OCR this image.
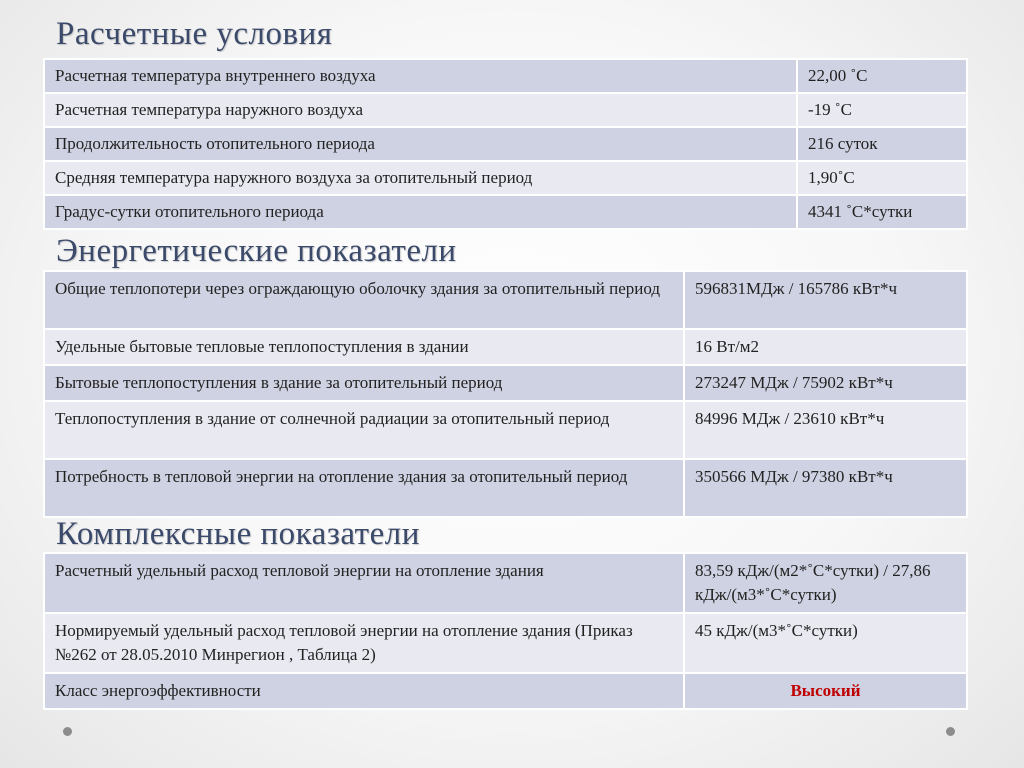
Расчетные условия
Расчетная температура внутреннего воздуха	22,00 ˚С
Расчетная температура наружного воздуха	-19 ˚С
Продолжительность отопительного периода	216 суток
Средняя температура наружного воздуха за отопительный период	1,90˚С
Градус-сутки отопительного периода	4341 ˚С*сутки
Энергетические показатели
Общие теплопотери через ограждающую оболочку здания за отопительный период	596831МДж / 165786 кВт*ч
Удельные бытовые тепловые теплопоступления в здании	16 Вт/м2
Бытовые теплопоступления в здание за отопительный период	273247 МДж / 75902 кВт*ч
Теплопоступления в здание от солнечной радиации за отопительный период	84996 МДж / 23610 кВт*ч
Потребность в тепловой энергии на отопление здания за отопительный период	350566 МДж / 97380 кВт*ч
Комплексные показатели
Расчетный удельный расход тепловой энергии на отопление здания	83,59 кДж/(м2*˚С*сутки) / 27,86 кДж/(м3*˚С*сутки)
Нормируемый удельный расход тепловой энергии на отопление здания (Приказ №262 от 28.05.2010 Минрегион , Таблица 2)	45 кДж/(м3*˚С*сутки)
Класс энергоэффективности	Высокий
